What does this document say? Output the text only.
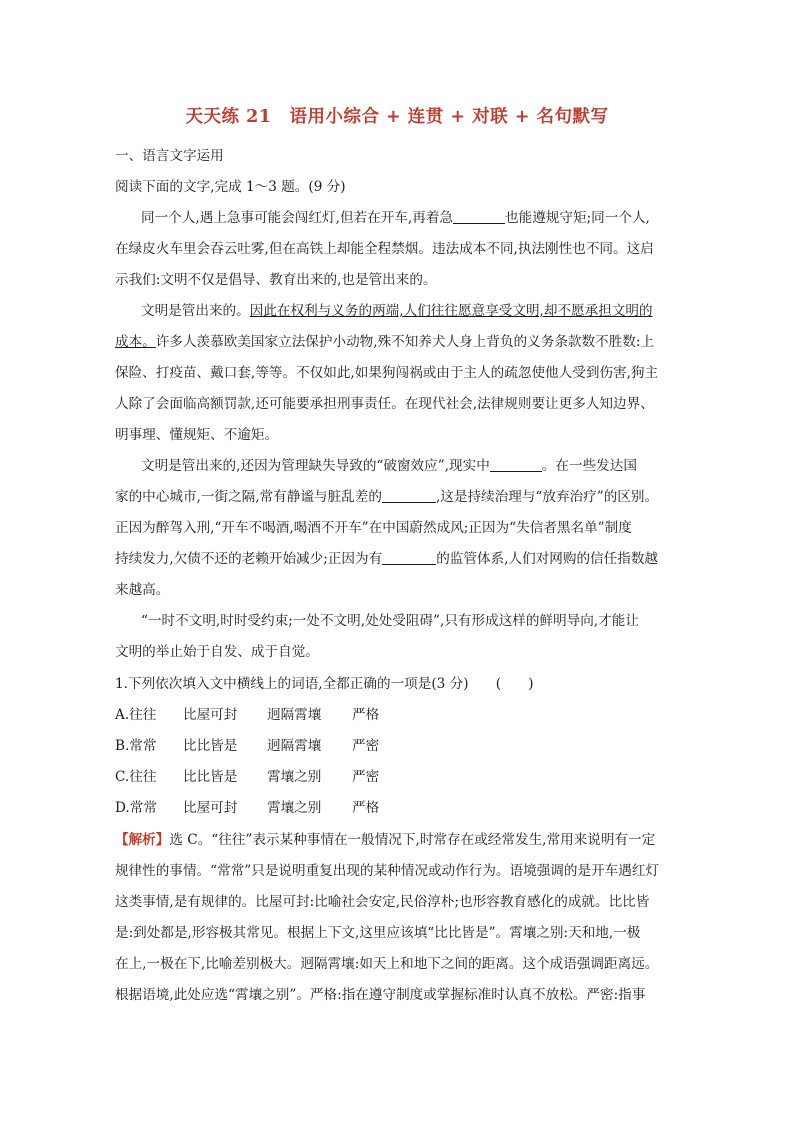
天天练 21　语用小综合 + 连贯 + 对联 + 名句默写
一、语言文字运用
阅读下面的文字,完成 1～3 题。(9 分)
同一个人,遇上急事可能会闯红灯,但若在开车,再着急	也能遵规守矩;同一个人,
在绿皮火车里会吞云吐雾,但在高铁上却能全程禁烟。违法成本不同,执法刚性也不同。这启
示我们:文明不仅是倡导、教育出来的,也是管出来的。
文明是管出来的。因此在权利与义务的两端,人们往往愿意享受文明,却不愿承担文明的
成本。许多人羡慕欧美国家立法保护小动物,殊不知养犬人身上背负的义务条款数不胜数:上
保险、打疫苗、戴口套,等等。不仅如此,如果狗闯祸或由于主人的疏忽使他人受到伤害,狗主
人除了会面临高额罚款,还可能要承担刑事责任。在现代社会,法律规则要让更多人知边界、
明事理、懂规矩、不逾矩。
文明是管出来的,还因为管理缺失导致的“破窗效应”,现实中	。在一些发达国
家的中心城市,一街之隔,常有静谧与脏乱差的	,这是持续治理与“放弃治疗”的区别。
正因为醉驾入刑,“开车不喝酒,喝酒不开车”在中国蔚然成风;正因为“失信者黑名单”制度
持续发力,欠债不还的老赖开始减少;正因为有	的监管体系,人们对网购的信任指数越
来越高。
“一时不文明,时时受约束;一处不文明,处处受阻碍”,只有形成这样的鲜明导向,才能让
文明的举止始于自发、成于自觉。
1.下列依次填入文中横线上的词语,全都正确的一项是(3 分)　　(　　)
A.往往 比屋可封 迥隔霄壤 严格
B.常常 比比皆是 迥隔霄壤 严密
C.往往 比比皆是 霄壤之别 严密
D.常常 比屋可封 霄壤之别 严格
【解析】选 C。“往往”表示某种事情在一般情况下,时常存在或经常发生,常用来说明有一定
规律性的事情。“常常”只是说明重复出现的某种情况或动作行为。语境强调的是开车遇红灯
这类事情,是有规律的。比屋可封:比喻社会安定,民俗淳朴;也形容教育感化的成就。比比皆
是:到处都是,形容极其常见。根据上下文,这里应该填“比比皆是”。霄壤之别:天和地,一极
在上,一极在下,比喻差别极大。迥隔霄壤:如天上和地下之间的距离。这个成语强调距离远。
根据语境,此处应选“霄壤之别”。严格:指在遵守制度或掌握标准时认真不放松。严密:指事
